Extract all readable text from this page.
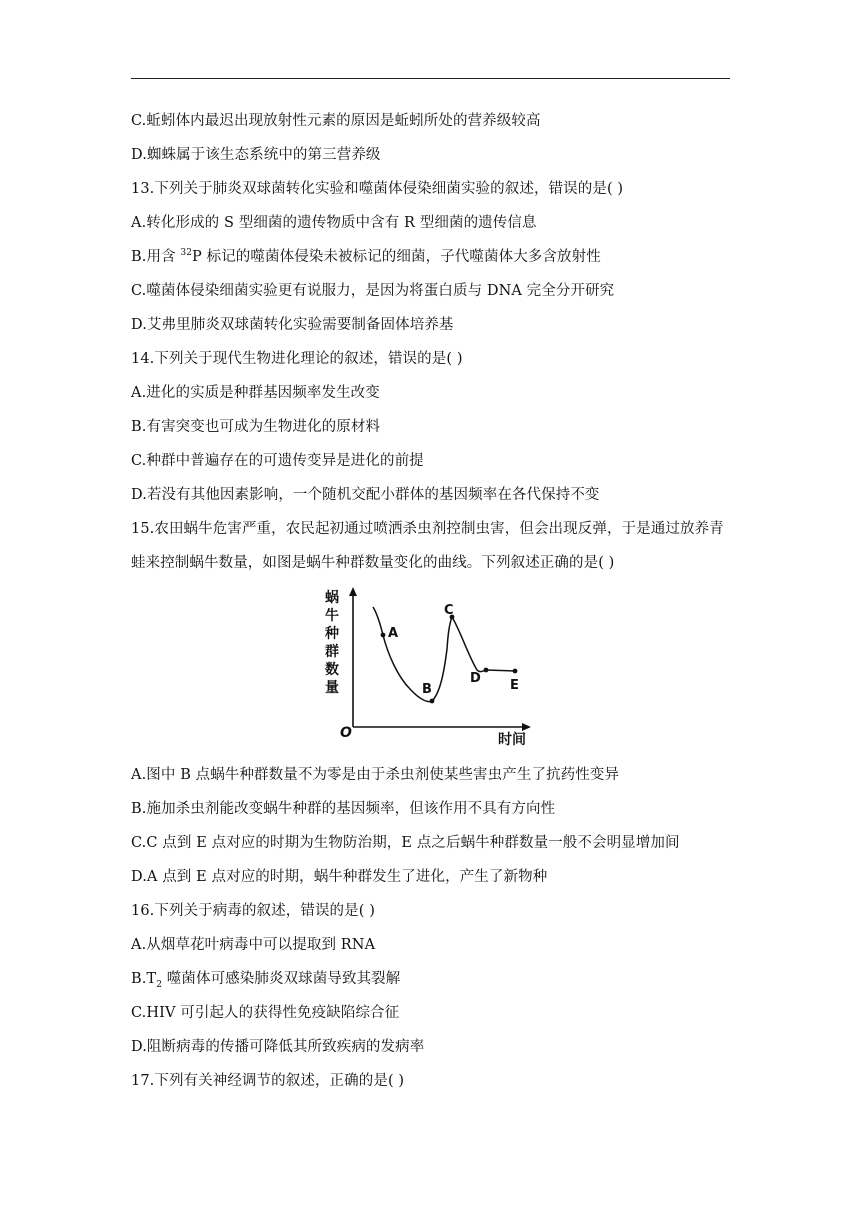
C.蚯蚓体内最迟出现放射性元素的原因是蚯蚓所处的营养级较高
D.蜘蛛属于该生态系统中的第三营养级
13.下列关于肺炎双球菌转化实验和噬菌体侵染细菌实验的叙述，错误的是( )
A.转化形成的 S 型细菌的遗传物质中含有 R 型细菌的遗传信息
B.用含 $^{32}$P 标记的噬菌体侵染未被标记的细菌，子代噬菌体大多含放射性
C.噬菌体侵染细菌实验更有说服力，是因为将蛋白质与 DNA 完全分开研究
D.艾弗里肺炎双球菌转化实验需要制备固体培养基
14.下列关于现代生物进化理论的叙述，错误的是( )
A.进化的实质是种群基因频率发生改变
B.有害突变也可成为生物进化的原材料
C.种群中普遍存在的可遗传变异是进化的前提
D.若没有其他因素影响，一个随机交配小群体的基因频率在各代保持不变
15.农田蜗牛危害严重，农民起初通过喷洒杀虫剂控制虫害，但会出现反弹，于是通过放养青蛙来控制蜗牛数量，如图是蜗牛种群数量变化的曲线。下列叙述正确的是( )
蜗
牛
种
群
数
量
O	时间
A
B
C
D E
A.图中 B 点蜗牛种群数量不为零是由于杀虫剂使某些害虫产生了抗药性变异
B.施加杀虫剂能改变蜗牛种群的基因频率，但该作用不具有方向性
C.C 点到 E 点对应的时期为生物防治期，E 点之后蜗牛种群数量一般不会明显增加间
D.A 点到 E 点对应的时期，蜗牛种群发生了进化，产生了新物种
16.下列关于病毒的叙述，错误的是( )
A.从烟草花叶病毒中可以提取到 RNA
$B.T_2$ 噬菌体可感染肺炎双球菌导致其裂解
C.HIV 可引起人的获得性免疫缺陷综合征
D.阻断病毒的传播可降低其所致疾病的发病率
17.下列有关神经调节的叙述，正确的是( )
